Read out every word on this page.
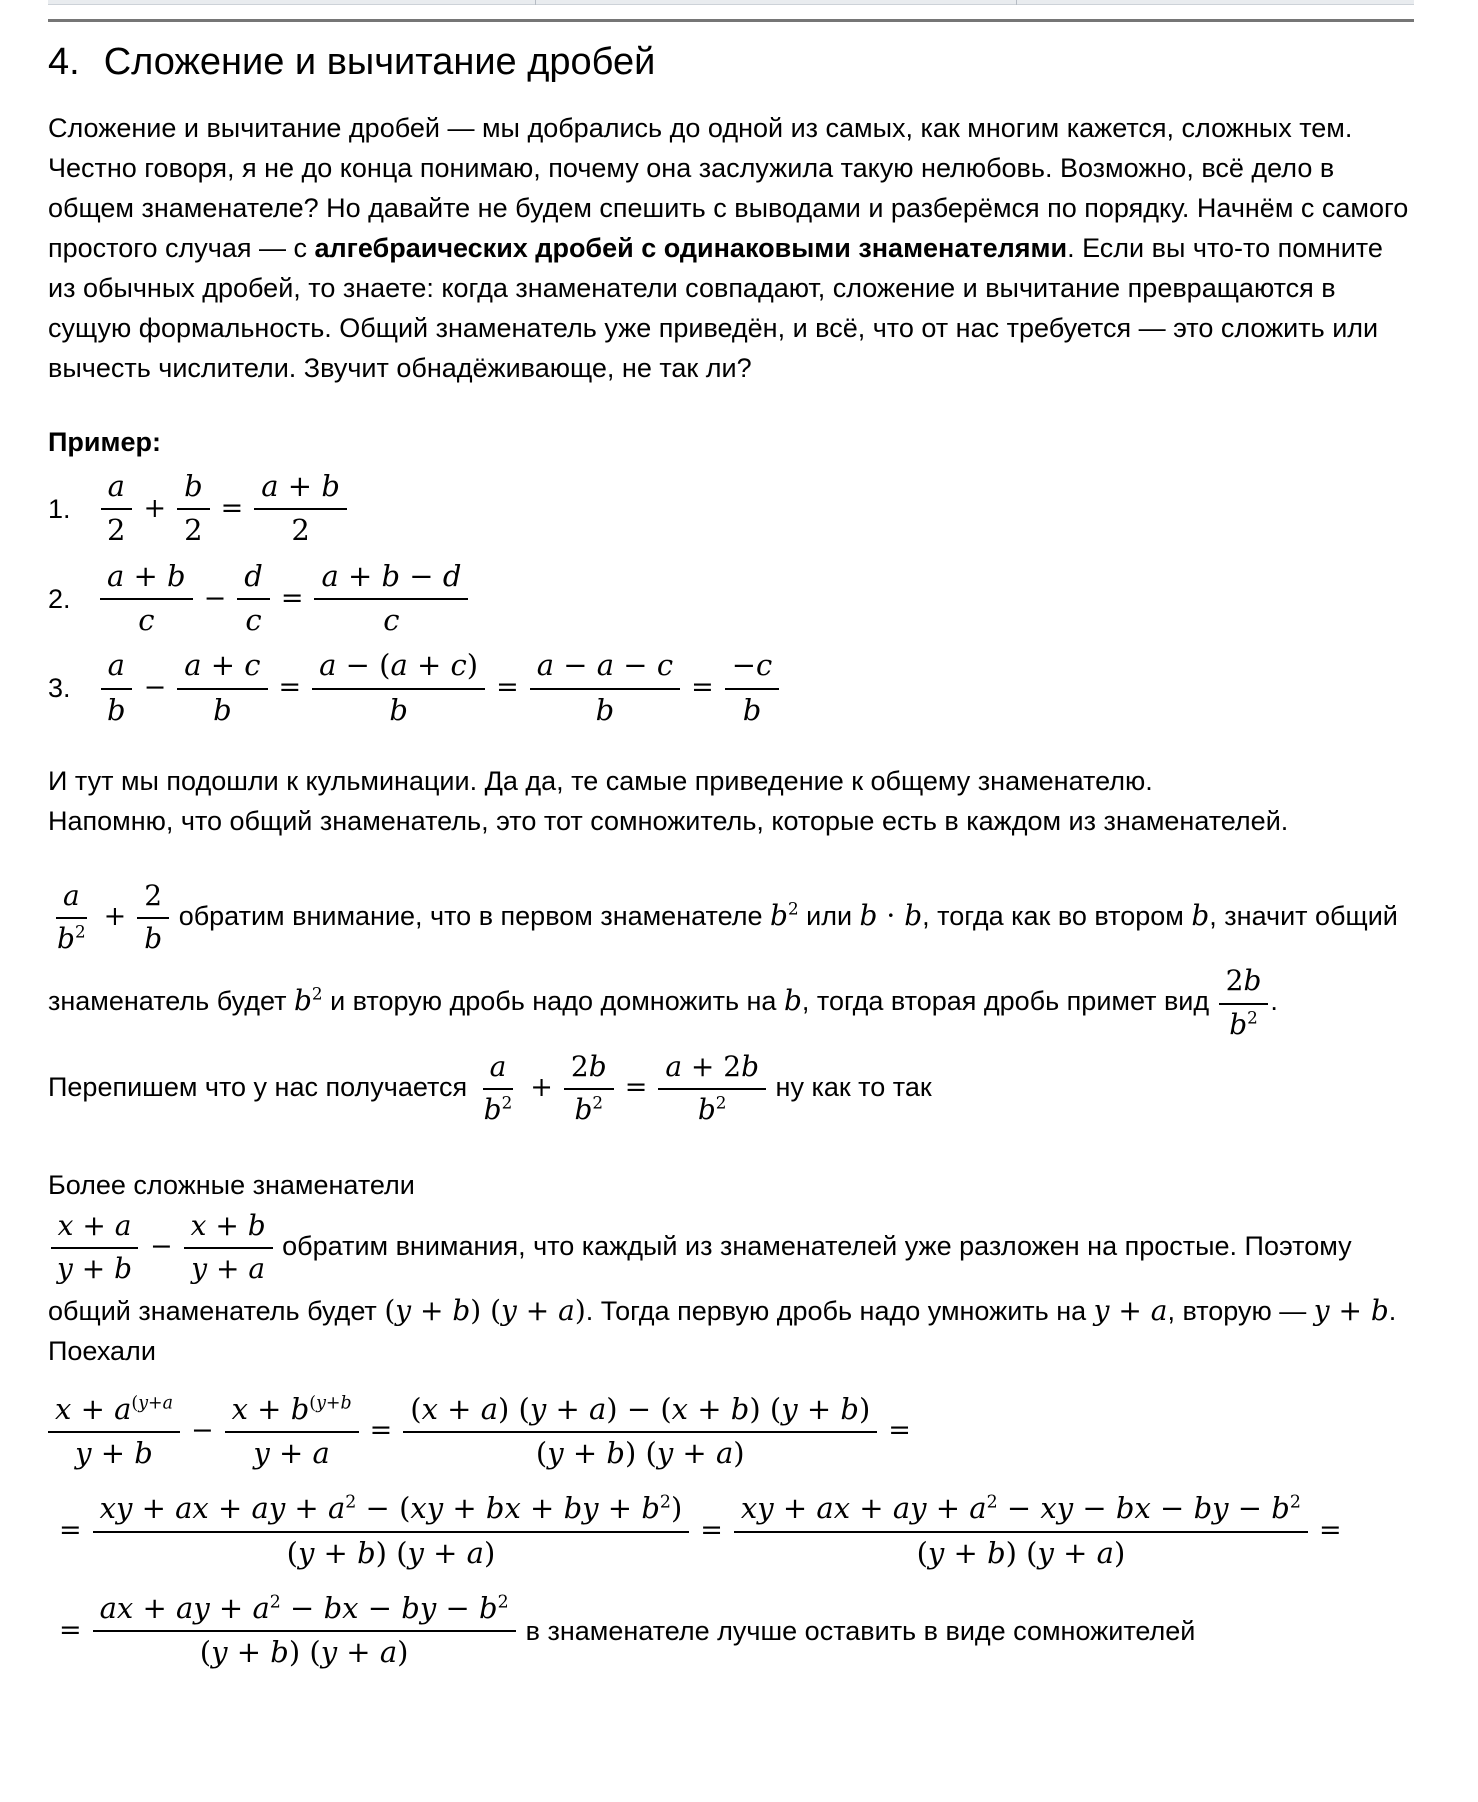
4. Сложение и вычитание дробей

Сложение и вычитание дробей — мы добрались до одной из самых, как многим кажется, сложных тем.

Честно говоря, я не до конца понимаю, почему она заслужила такую нелюбовь. Возможно, всё дело в общем знаменателе? Но давайте не будем спешить с выводами и разберёмся по порядку. Начнём с самого простого случая — с алгебраических дробей с одинаковыми знаменателями. Если вы что-то помните из обычных дробей, то знаете: когда знаменатели совпадают, сложение и вычитание превращаются в сущую формальность. Общий знаменатель уже приведён, и всё, что от нас требуется — это сложить или вычесть числители. Звучит обнадёживающе, не так ли?

Пример:

1.	$\frac{a}{2} + \frac{b}{2} = \frac{a + b}{2}$
2.	$\frac{a + b}{c} - \frac{d}{c} = \frac{a + b - d}{c}$
3.	$\frac{a}{b} - \frac{a + c}{b} = \frac{a - (a + c)}{b} = \frac{a - a - c}{b} = \frac{-c}{b}$

И тут мы подошли к кульминации. Да да, те самые приведение к общему знаменателю.
Напомню, что общий знаменатель, это тот сомножитель, которые есть в каждом из знаменателей.

$\frac{a}{b^2} + \frac{2}{b}$ обратим внимание, что в первом знаменателе $b^2$ или b · b, тогда как во втором b, значит общий знаменатель будет $b^2$ и вторую дробь надо домножить на b, тогда вторая дробь примет вид $\frac{2b}{b^2}$ . Перепишем что у нас получается $\frac{a}{b^2} + \frac{2b}{b^2} = \frac{a + 2b}{b^2}$ ну как то так

Более сложные знаменатели

$\frac{x + a}{y + b} - \frac{x + b}{y + a}$ обратим внимания, что каждый из знаменателей уже разложен на простые. Поэтому общий знаменатель будет (y + b) (y + a). Тогда первую дробь надо умножить на y + a, вторую — y + b. Поехали

$\frac{x + a^{(y+a}}{y + b} - \frac{x + b^{(y+b}}{y + a} = \frac{(x + a) (y + a) - (x + b) (y + b)}{(y + b) (y + a)}$ =
= $\frac{xy + ax + ay + a^2 - (xy + bx + by + b^2)}{(y + b) (y + a)} = \frac{xy + ax + ay + a^2 - xy - bx - by - b^2}{(y + b) (y + a)}$ =
= $\frac{ax + ay + a^2 - bx - by - b^2}{(y + b) (y + a)}$ в знаменателе лучше оставить в виде сомножителей
